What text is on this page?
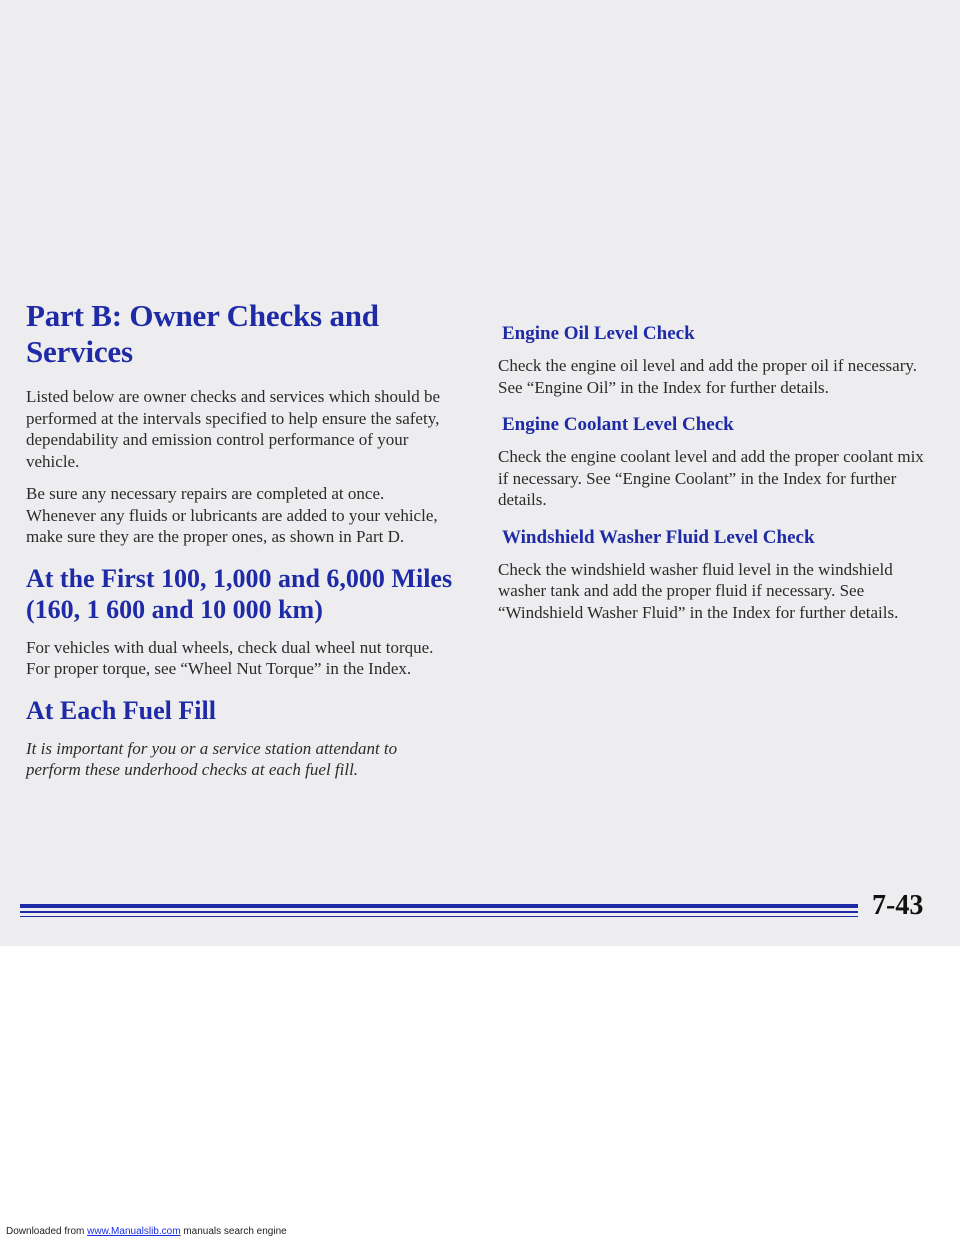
Part B: Owner Checks and Services

Listed below are owner checks and services which should be performed at the intervals specified to help ensure the safety, dependability and emission control performance of your vehicle.

Be sure any necessary repairs are completed at once. Whenever any fluids or lubricants are added to your vehicle, make sure they are the proper ones, as shown in Part D.

At the First 100, 1,000 and 6,000 Miles (160, 1 600 and 10 000 km)

For vehicles with dual wheels, check dual wheel nut torque. For proper torque, see “Wheel Nut Torque” in the Index.

At Each Fuel Fill

It is important for you or a service station attendant to perform these underhood checks at each fuel fill.

Engine Oil Level Check

Check the engine oil level and add the proper oil if necessary. See “Engine Oil” in the Index for further details.

Engine Coolant Level Check

Check the engine coolant level and add the proper coolant mix if necessary. See “Engine Coolant” in the Index for further details.

Windshield Washer Fluid Level Check

Check the windshield washer fluid level in the windshield washer tank and add the proper fluid if necessary. See “Windshield Washer Fluid” in the Index for further details.

7-43
Downloaded from www.Manualslib.com manuals search engine
